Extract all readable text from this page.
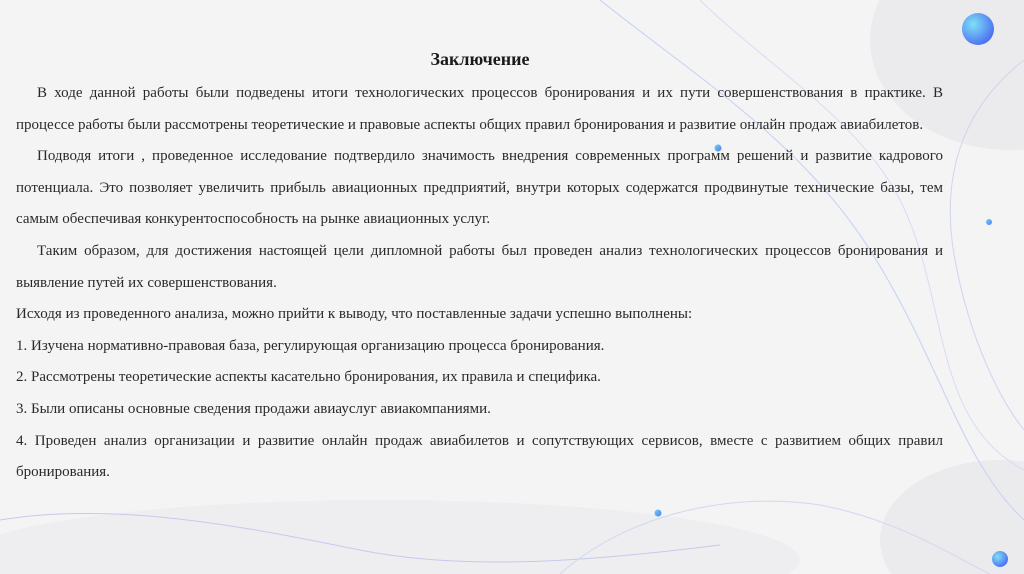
Заключение

В ходе данной работы были подведены итоги технологических процессов бронирования и их пути совершенствования в практике. В процессе работы были рассмотрены теоретические и правовые аспекты общих правил бронирования и развитие онлайн продаж авиабилетов.

Подводя итоги , проведенное исследование подтвердило значимость внедрения современных программ решений и развитие кадрового потенциала. Это позволяет увеличить прибыль авиационных предприятий, внутри которых содержатся продвинутые технические базы, тем самым обеспечивая конкурентоспособность на рынке авиационных услуг.

Таким образом, для достижения настоящей цели дипломной работы был проведен анализ технологических процессов бронирования и выявление путей их совершенствования.

Исходя из проведенного анализа, можно прийти к выводу, что поставленные задачи успешно выполнены:

1. Изучена нормативно-правовая база, регулирующая организацию процесса бронирования.

2. Рассмотрены теоретические аспекты касательно бронирования, их правила и специфика.

3. Были описаны основные сведения продажи авиауслуг авиакомпаниями.

4. Проведен анализ организации и развитие онлайн продаж авиабилетов и сопутствующих сервисов, вместе с развитием общих правил бронирования.
